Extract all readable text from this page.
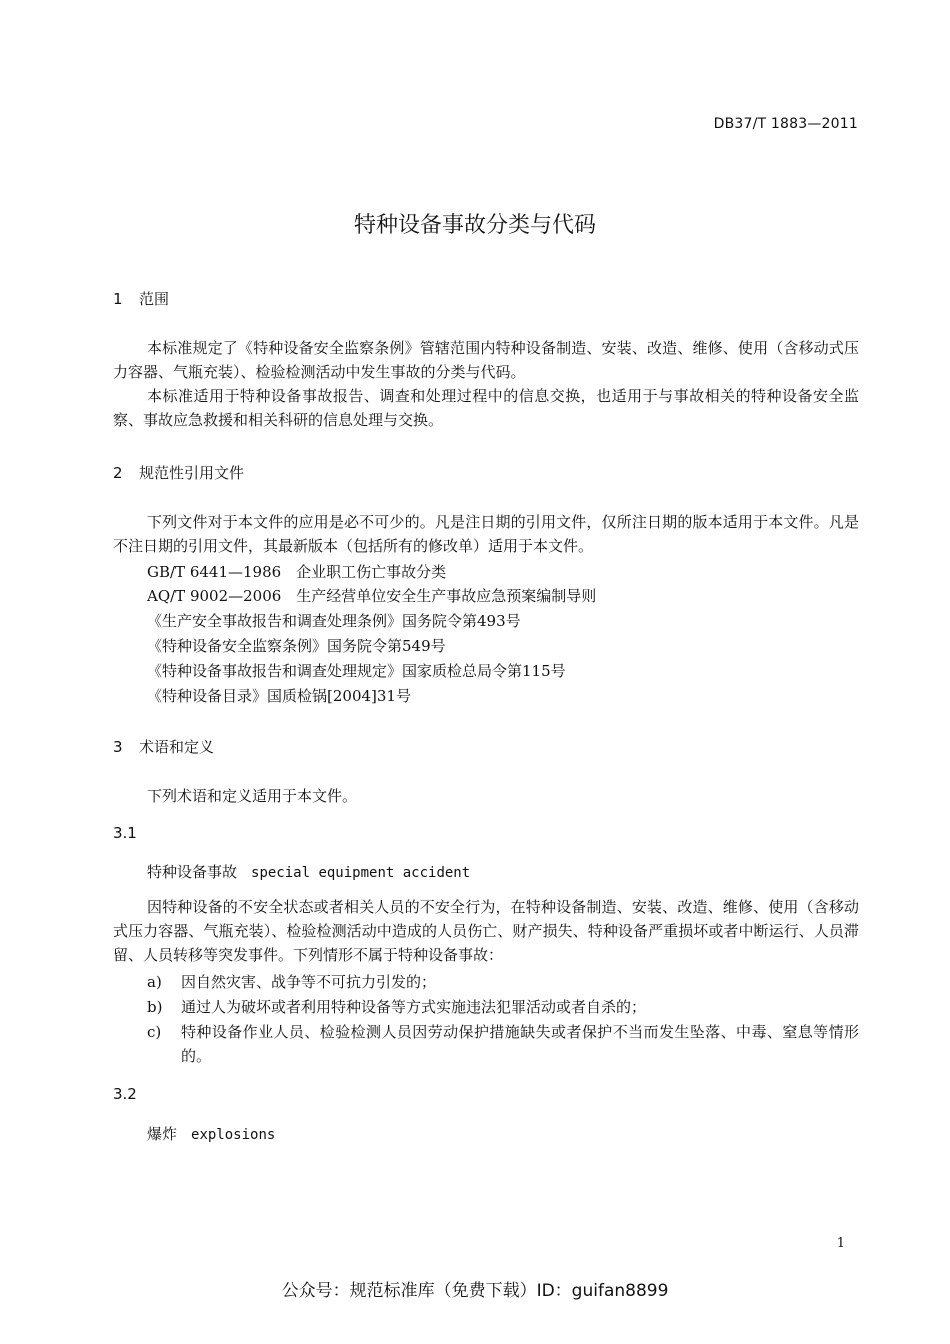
DB37/T 1883—2011
特种设备事故分类与代码
1 范围
本标准规定了《特种设备安全监察条例》管辖范围内特种设备制造、安装、改造、维修、使用（含移动式压力容器、气瓶充装）、检验检测活动中发生事故的分类与代码。
本标准适用于特种设备事故报告、调查和处理过程中的信息交换，也适用于与事故相关的特种设备安全监察、事故应急救援和相关科研的信息处理与交换。
2 规范性引用文件
下列文件对于本文件的应用是必不可少的。凡是注日期的引用文件，仅所注日期的版本适用于本文件。凡是不注日期的引用文件，其最新版本（包括所有的修改单）适用于本文件。
GB/T 6441—1986　企业职工伤亡事故分类
AQ/T 9002—2006　生产经营单位安全生产事故应急预案编制导则
《生产安全事故报告和调查处理条例》国务院令第493号
《特种设备安全监察条例》国务院令第549号
《特种设备事故报告和调查处理规定》国家质检总局令第115号
《特种设备目录》国质检锅[2004]31号
3 术语和定义
下列术语和定义适用于本文件。
3.1
特种设备事故 special equipment accident
因特种设备的不安全状态或者相关人员的不安全行为，在特种设备制造、安装、改造、维修、使用（含移动式压力容器、气瓶充装）、检验检测活动中造成的人员伤亡、财产损失、特种设备严重损坏或者中断运行、人员滞留、人员转移等突发事件。下列情形不属于特种设备事故：
a)	因自然灾害、战争等不可抗力引发的；
b)	通过人为破坏或者利用特种设备等方式实施违法犯罪活动或者自杀的；
c)	特种设备作业人员、检验检测人员因劳动保护措施缺失或者保护不当而发生坠落、中毒、窒息等情形的。
3.2
爆炸 explosions
1
公众号：规范标准库（免费下载）ID：guifan8899
